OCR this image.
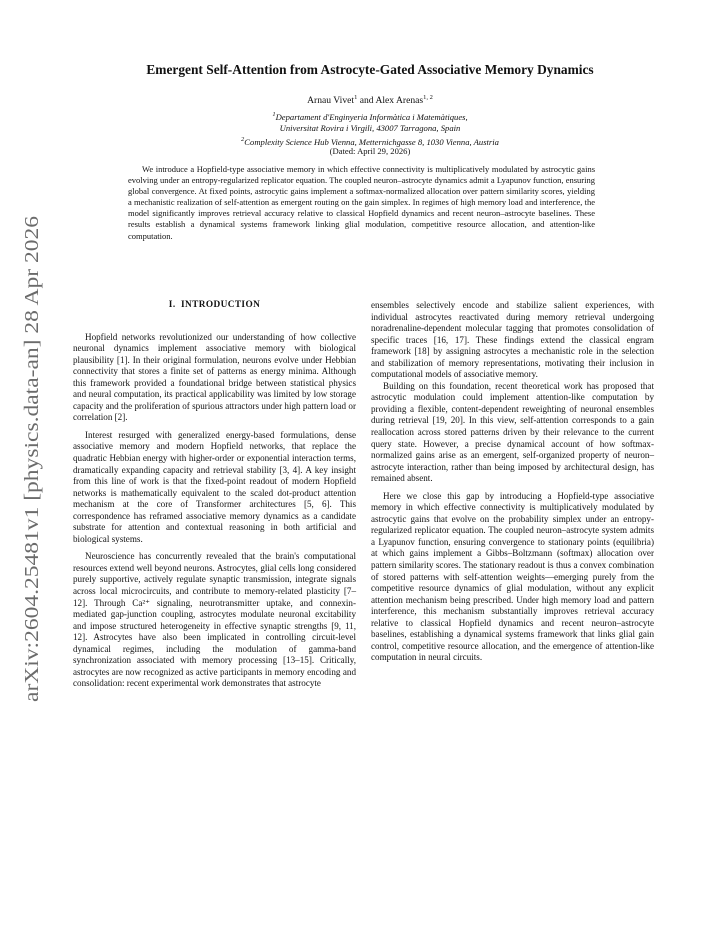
arXiv:2604.25481v1 [physics.data-an] 28 Apr 2026
Emergent Self-Attention from Astrocyte-Gated Associative Memory Dynamics
Arnau Vivet$^1$ and Alex Arenas$^{1, 2}$
$^1$Departament d'Enginyeria Informàtica i Matemàtiques,
Universitat Rovira i Virgili, 43007 Tarragona, Spain
$^2$Complexity Science Hub Vienna, Metternichgasse 8, 1030 Vienna, Austria
(Dated: April 29, 2026)

We introduce a Hopfield-type associative memory in which effective connectivity is multiplicatively modulated by astrocytic gains evolving under an entropy-regularized replicator equation. The coupled neuron–astrocyte dynamics admit a Lyapunov function, ensuring global convergence. At fixed points, astrocytic gains implement a softmax-normalized allocation over pattern similarity scores, yielding a mechanistic realization of self-attention as emergent routing on the gain simplex. In regimes of high memory load and interference, the model significantly improves retrieval accuracy relative to classical Hopfield dynamics and recent neuron–astrocyte baselines. These results establish a dynamical systems framework linking glial modulation, competitive resource allocation, and attention-like computation.

I. INTRODUCTION

Hopfield networks revolutionized our understanding of how collective neuronal dynamics implement associative memory with biological plausibility [1]. In their original formulation, neurons evolve under Hebbian connectivity that stores a finite set of patterns as energy minima. Although this framework provided a foundational bridge between statistical physics and neural computation, its practical applicability was limited by low storage capacity and the proliferation of spurious attractors under high pattern load or correlation [2].

Interest resurged with generalized energy-based formulations, dense associative memory and modern Hopfield networks, that replace the quadratic Hebbian energy with higher-order or exponential interaction terms, dramatically expanding capacity and retrieval stability [3, 4]. A key insight from this line of work is that the fixed-point readout of modern Hopfield networks is mathematically equivalent to the scaled dot-product attention mechanism at the core of Transformer architectures [5, 6]. This correspondence has reframed associative memory dynamics as a candidate substrate for attention and contextual reasoning in both artificial and biological systems.

Neuroscience has concurrently revealed that the brain's computational resources extend well beyond neurons. Astrocytes, glial cells long considered purely supportive, actively regulate synaptic transmission, integrate signals across local microcircuits, and contribute to memory-related plasticity [7–12]. Through Ca²⁺ signaling, neurotransmitter uptake, and connexin-mediated gap-junction coupling, astrocytes modulate neuronal excitability and impose structured heterogeneity in effective synaptic strengths [9, 11, 12]. Astrocytes have also been implicated in controlling circuit-level dynamical regimes, including the modulation of gamma-band synchronization associated with memory processing [13–15]. Critically, astrocytes are now recognized as active participants in memory encoding and consolidation: recent experimental work demonstrates that astrocyte

ensembles selectively encode and stabilize salient experiences, with individual astrocytes reactivated during memory retrieval undergoing noradrenaline-dependent molecular tagging that promotes consolidation of specific traces [16, 17]. These findings extend the classical engram framework [18] by assigning astrocytes a mechanistic role in the selection and stabilization of memory representations, motivating their inclusion in computational models of associative memory.

Building on this foundation, recent theoretical work has proposed that astrocytic modulation could implement attention-like computation by providing a flexible, content-dependent reweighting of neuronal ensembles during retrieval [19, 20]. In this view, self-attention corresponds to a gain reallocation across stored patterns driven by their relevance to the current query state. However, a precise dynamical account of how softmax-normalized gains arise as an emergent, self-organized property of neuron–astrocyte interaction, rather than being imposed by architectural design, has remained absent.

Here we close this gap by introducing a Hopfield-type associative memory in which effective connectivity is multiplicatively modulated by astrocytic gains that evolve on the probability simplex under an entropy-regularized replicator equation. The coupled neuron–astrocyte system admits a Lyapunov function, ensuring convergence to stationary points (equilibria) at which gains implement a Gibbs–Boltzmann (softmax) allocation over pattern similarity scores. The stationary readout is thus a convex combination of stored patterns with self-attention weights—emerging purely from the competitive resource dynamics of glial modulation, without any explicit attention mechanism being prescribed. Under high memory load and pattern interference, this mechanism substantially improves retrieval accuracy relative to classical Hopfield dynamics and recent neuron–astrocyte baselines, establishing a dynamical systems framework that links glial gain control, competitive resource allocation, and the emergence of attention-like computation in neural circuits.
